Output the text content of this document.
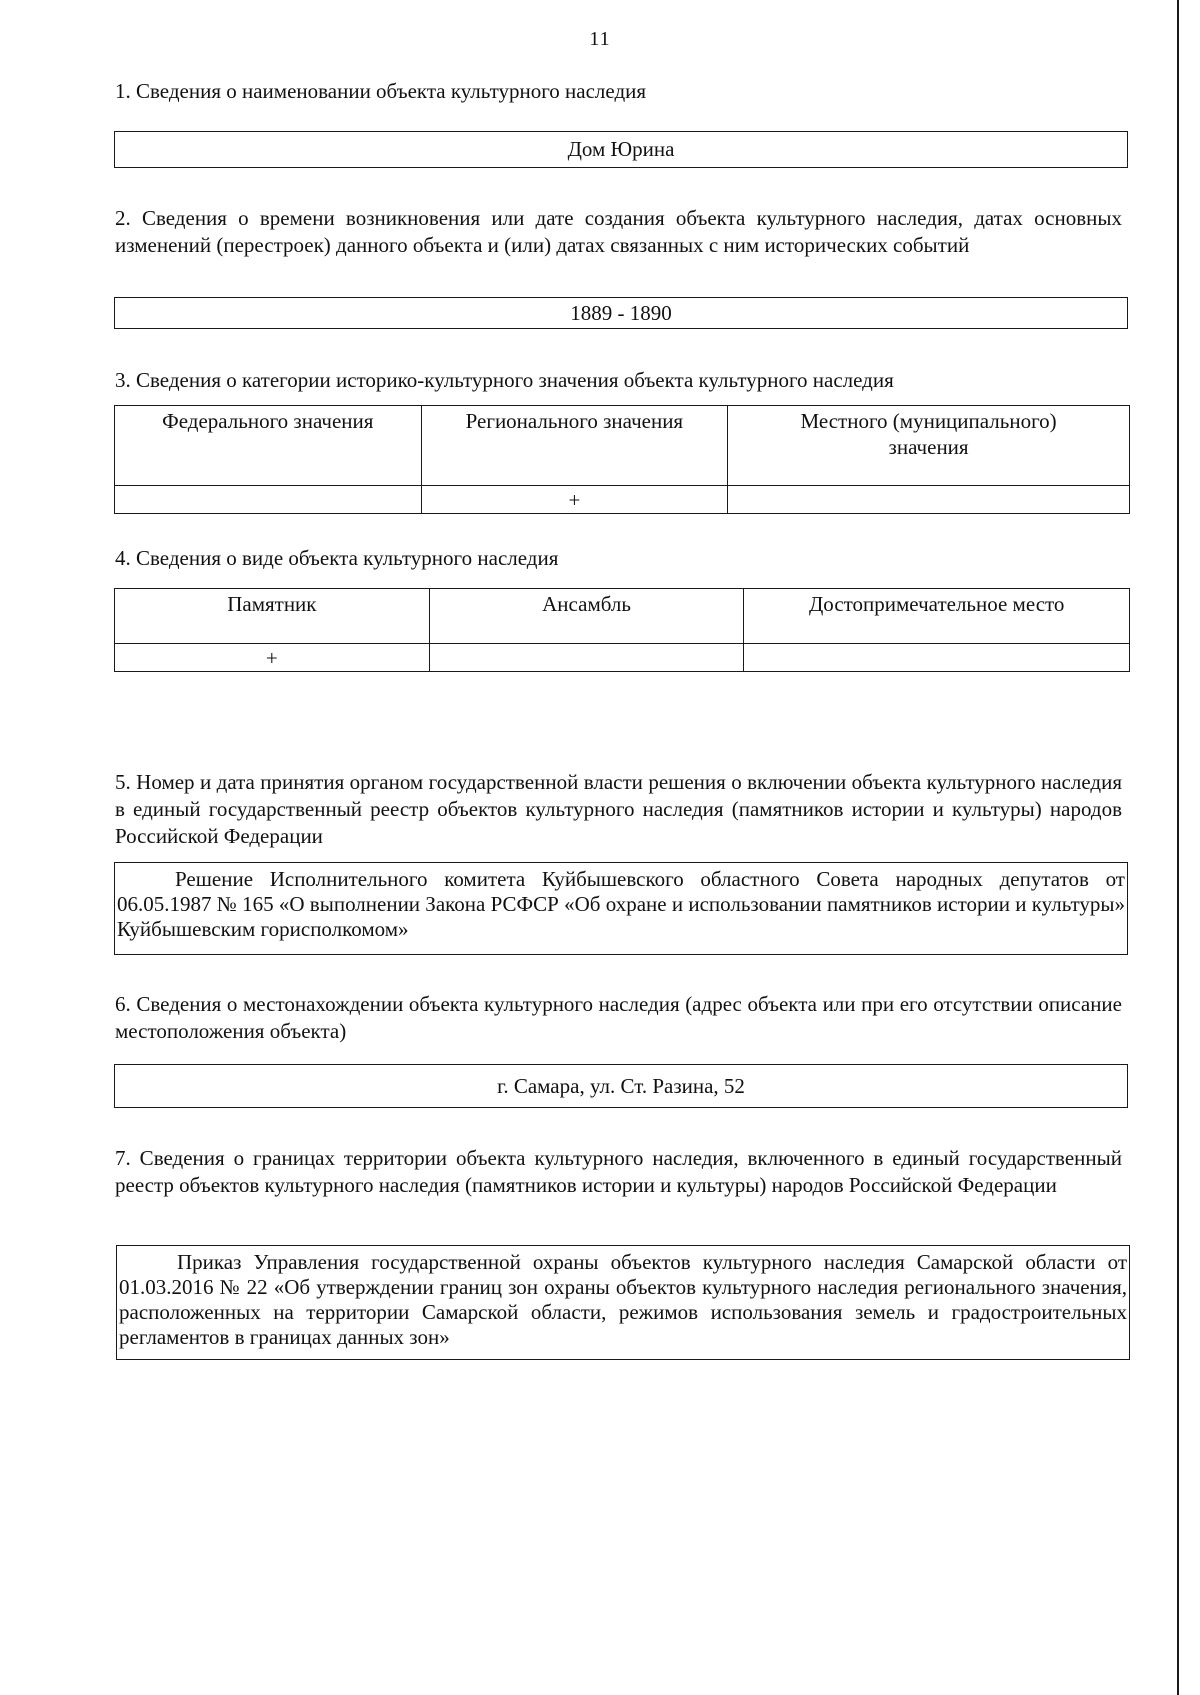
11
1. Сведения о наименовании объекта культурного наследия
Дом Юрина
2. Сведения о времени возникновения или дате создания объекта культурного наследия, датах основных изменений (перестроек) данного объекта и (или) датах связанных с ним исторических событий
1889 - 1890
3. Сведения о категории историко-культурного значения объекта культурного наследия
Федерального значения	Регионального значения	Местного (муниципального) значения
	+	
4. Сведения о виде объекта культурного наследия
Памятник	Ансамбль	Достопримечательное место
+		
5. Номер и дата принятия органом государственной власти решения о включении объекта культурного наследия в единый государственный реестр объектов культурного наследия (памятников истории и культуры) народов Российской Федерации
Решение Исполнительного комитета Куйбышевского областного Совета народных депутатов от 06.05.1987 № 165 «О выполнении Закона РСФСР «Об охране и использовании памятников истории и культуры» Куйбышевским горисполкомом»
6. Сведения о местонахождении объекта культурного наследия (адрес объекта или при его отсутствии описание местоположения объекта)
г. Самара, ул. Ст. Разина, 52
7. Сведения о границах территории объекта культурного наследия, включенного в единый государственный реестр объектов культурного наследия (памятников истории и культуры) народов Российской Федерации
Приказ Управления государственной охраны объектов культурного наследия Самарской области от 01.03.2016 № 22 «Об утверждении границ зон охраны объектов культурного наследия регионального значения, расположенных на территории Самарской области, режимов использования земель и градостроительных регламентов в границах данных зон»
